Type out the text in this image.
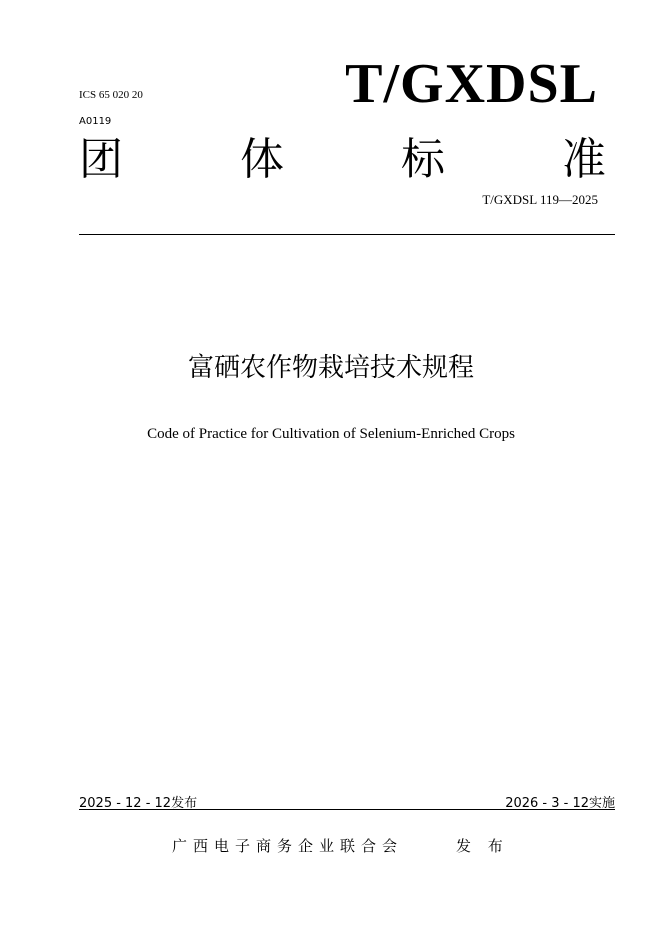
ICS 65 020 20
A0119
T/GXDSL
团	体	标	准
T/GXDSL 119—2025
富硒农作物栽培技术规程
Code of Practice for Cultivation of Selenium-Enriched Crops
2025 - 12 - 12发布	2026 - 3 - 12实施
广西电子商务企业联合会	发 布
